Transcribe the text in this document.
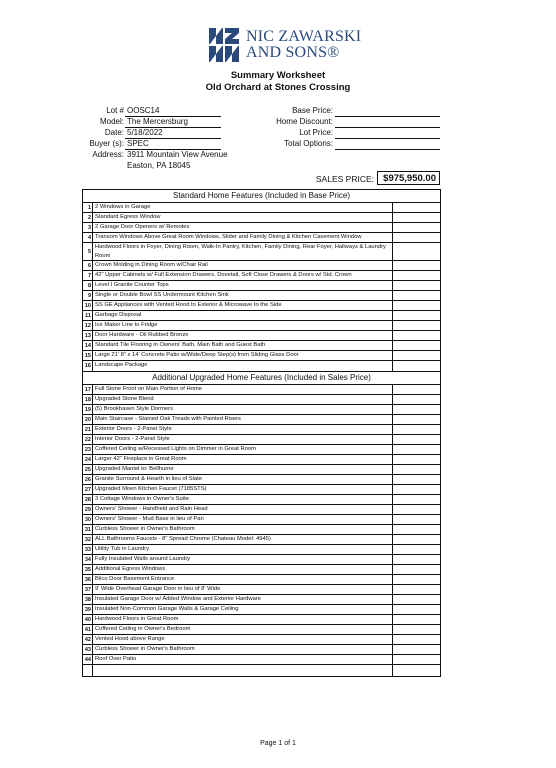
NIC ZAWARSKI
AND SONS®
Summary Worksheet
Old Orchard at Stones Crossing
Lot # OOSC14
Model: The Mercersburg
Date: 5/18/2022
Buyer (s): SPEC
Address: 3911 Mountain View Avenue
Easton, PA 18045
Base Price:
Home Discount:
Lot Price:
Total Options:
SALES PRICE: $975,950.00
Standard Home Features (Included in Base Price)
1 2 Windows in Garage
2 Standard Egress Window
3 2 Garage Door Openers w/ Remotes
4 Transom Windows Above Great Room Windows, Slider and Family Dining & Kitchen Casement Window
5
Hardwood Floors in Foyer, Dining Room, Walk-In Pantry, Kitchen, Family Dining, Rear Foyer, Hallways & Laundry Room
6 Crown Molding in Dining Room w/Chair Rail
7 42" Upper Cabinets w/ Full Extension Drawers, Dovetail, Soft Close Drawers & Doors w/ Std. Crown
8 Level I Granite Counter Tops
9 Single or Double Bowl SS Undermount Kitchen Sink
10 SS GE Appliances with Vented Hood to Exterior & Microwave to the Side
11 Garbage Disposal
12 Ice Maker Line to Fridge
13 Door Hardware - Oil Rubbed Bronze
14 Standard Tile Flooring in Owners' Bath, Main Bath and Guest Bath
15 Large 21' 8" x 14' Concrete Patio w/Wide/Deep Step(s) from Sliding Glass Door
16 Landscape Package
Additional Upgraded Home Features (Included in Sales Price)
17 Full Stone Front on Main Portion of Home
18 Upgraded Stone Blend
19 (5) Brookhaven Style Dormers
20 Main Staircase - Stained Oak Treads with Painted Risers
21 Exterior Doors - 2-Panel Style
22 Interior Doors - 2-Panel Style
23 Coffered Ceiling w/Recessed Lights on Dimmer in Great Room
24 Larger 42" Fireplace in Great Room
25 Upgraded Mantel to: Bellhurne
26 Granite Surround & Hearth in lieu of Slate
27 Upgraded Moen Kitchen Faucet (7185STS)
28 3 Cottage Windows in Owner's Suite
29 Owners' Shower - Handheld and Rain Head
30 Owners' Shower - Mud Base in lieu of Pan
31 Curbless Shower in Owner's Bathroom
32 ALL Bathrooms Faucets - 8" Spread Chrome (Chateau Model: 4945)
33 Utility Tub in Laundry
34 Fully Insulated Walls around Laundry
35 Additional Egress Windows
36 Bilco Door Basement Entrance
37 9' Wide Overhead Garage Door in lieu of 8' Wide
38 Insulated Garage Door w/ Added Window and Exterior Hardware
39 Insulated Non-Common Garage Walls & Garage Ceiling
40 Hardwood Floors in Great Room
41 Coffered Ceiling in Owner's Bedroom
42 Vented Hood above Range
43 Curbless Shower in Owner's Bathroom
44 Roof Over Patio
Page 1 of 1
